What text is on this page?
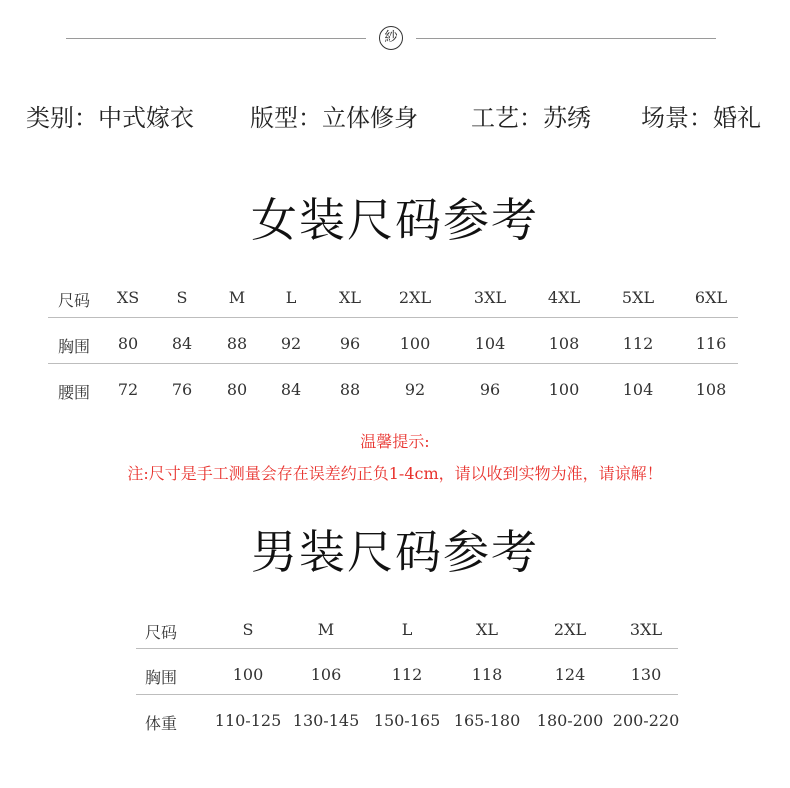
紗
类别：中式嫁衣 版型：立体修身 工艺：苏绣 场景：婚礼
女装尺码参考
尺码 XS S	M	L	XL 2XL	3XL	4XL	5XL	6XL
胸围 80 84 88 92 96 100	104	108	112	116
腰围 72 76 80 84 88	92	96	100	104	108
温馨提示:
注:尺寸是手工测量会存在误差约正负1-4cm，请以收到实物为准，请谅解！
男装尺码参考
尺码	S	M	L	XL	2XL	3XL
胸围	100	106	112	118	124	130
体重 110-125 130-145 150-165 165-180 180-200 200-220
